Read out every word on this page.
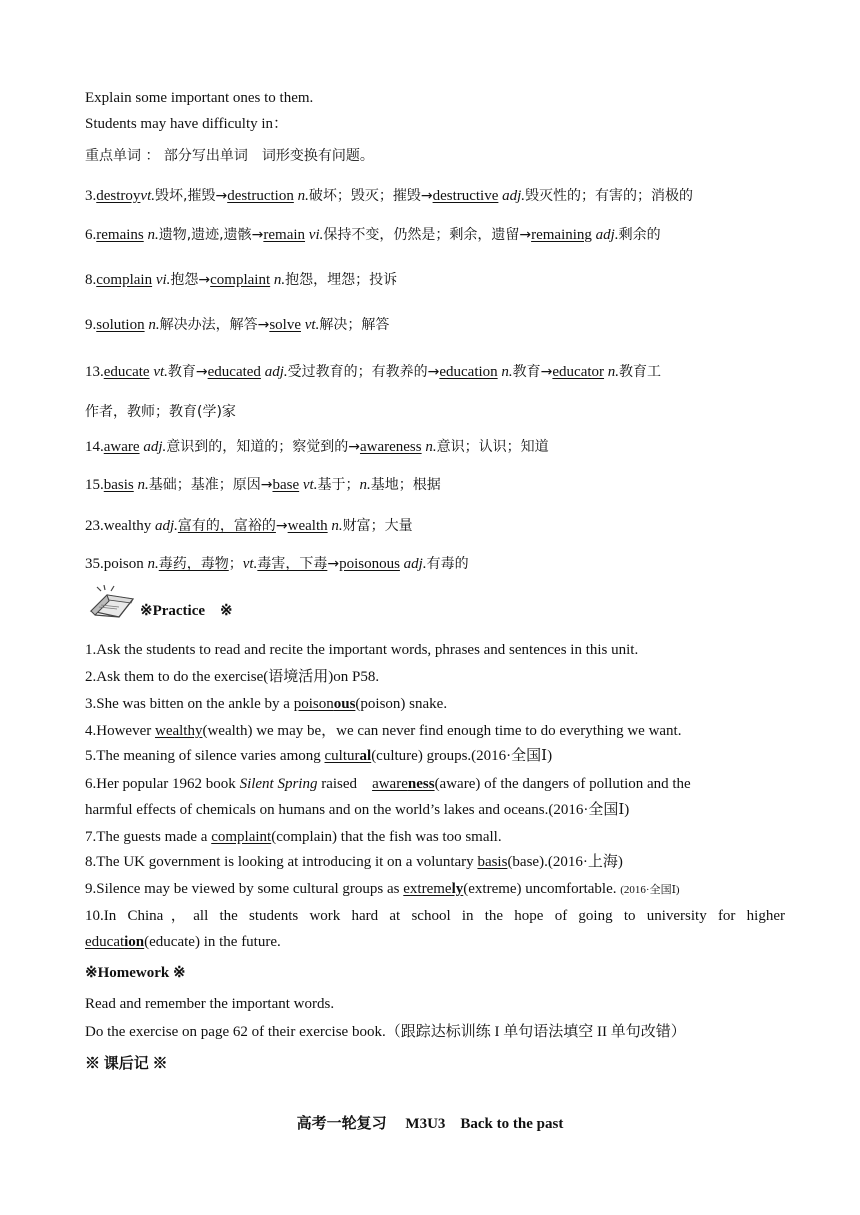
Explain some important ones to them.
Students may have difficulty in：
重点单词 ： 部分写出单词　词形变换有问题。
3.destroyvt.毁坏,摧毁→destruction n.破坏；毁灭；摧毁→destructive adj.毁灭性的；有害的；消极的
6.remains n.遗物,遗迹,遗骸→remain vi.保持不变，仍然是；剩余，遗留→remaining adj.剩余的
8.complain vi.抱怨→complaint n.抱怨，埋怨；投诉
9.solution n.解决办法，解答→solve vt.解决；解答
13.educate vt.教育→educated adj.受过教育的；有教养的→education n.教育→educator n.教育工
作者，教师；教育(学)家
14.aware adj.意识到的，知道的；察觉到的→awareness n.意识；认识；知道
15.basis n.基础；基准；原因→base vt.基于；n.基地；根据
23.wealthy adj.富有的，富裕的→wealth n.财富；大量
35.poison n.毒药，毒物；vt.毒害，下毒→poisonous adj.有毒的
※Practice　※
1.Ask the students to read and recite the important words, phrases and sentences in this unit.
2.Ask them to do the exercise(语境活用)on P58.
3.She was bitten on the ankle by a poisonous(poison) snake.
4.However wealthy(wealth) we may be，we can never find enough time to do everything we want.
5.The meaning of silence varies among cultural(culture) groups.(2016·全国Ⅰ)
6.Her popular 1962 book Silent Spring raised　awareness(aware) of the dangers of pollution and the
harmful effects of chemicals on humans and on the world’s lakes and oceans.(2016·全国Ⅰ)
7.The guests made a complaint(complain) that the fish was too small.
8.The UK government is looking at introducing it on a voluntary basis(base).(2016·上海)
9.Silence may be viewed by some cultural groups as extremely(extreme) uncomfortable. (2016·全国Ⅰ)
10.In China，all the students work hard at school in the hope of going to university for higher
education(educate) in the future.
※Homework ※
Read and remember the important words.
Do the exercise on page 62 of their exercise book.（跟踪达标训练 I 单句语法填空 II 单句改错）
※ 课后记 ※
高考一轮复习　 M3U3　Back to the past
